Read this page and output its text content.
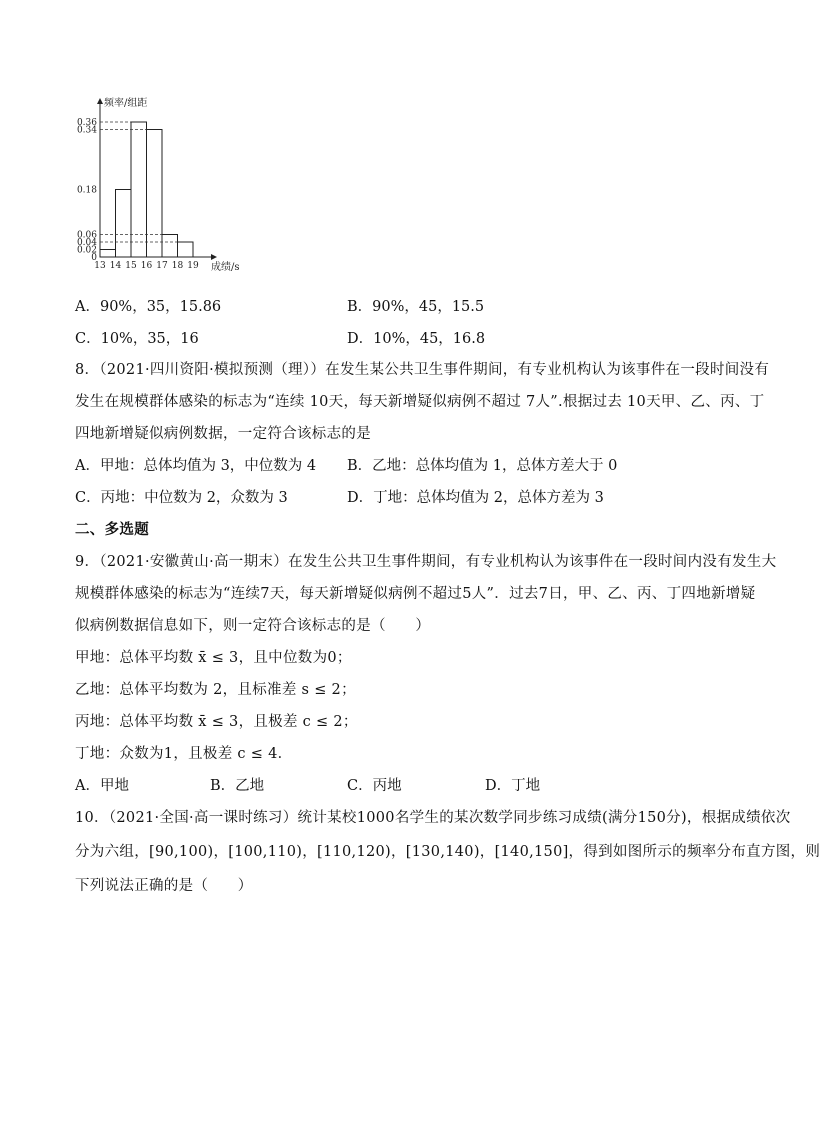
0.36
0.34
0.18
0.06
0.04
0.02
0
13 14 15 16 17 18 19
频率/组距
成绩/s
A．90%，35，15.86	B．90%，45，15.5
C．10%，35，16	D．10%，45，16.8
8．（2021·四川资阳·模拟预测（理））在发生某公共卫生事件期间，有专业机构认为该事件在一段时间没有
发生在规模群体感染的标志为“连续 10天，每天新增疑似病例不超过 7人”.根据过去 10天甲、乙、丙、丁
四地新增疑似病例数据，一定符合该标志的是
A．甲地：总体均值为 3，中位数为 4 B．乙地：总体均值为 1，总体方差大于 0
C．丙地：中位数为 2，众数为 3	D．丁地：总体均值为 2，总体方差为 3
二、多选题
9．（2021·安徽黄山·高一期末）在发生公共卫生事件期间，有专业机构认为该事件在一段时间内没有发生大
规模群体感染的标志为“连续7天，每天新增疑似病例不超过5人”．过去7日，甲、乙、丙、丁四地新增疑
似病例数据信息如下，则一定符合该标志的是（　　）
甲地：总体平均数 x̄ ≤ 3，且中位数为0；
乙地：总体平均数为 2，且标准差 s ≤ 2；
丙地：总体平均数 x̄ ≤ 3，且极差 c ≤ 2；
丁地：众数为1，且极差 c ≤ 4．
A．甲地	B．乙地	C．丙地	D．丁地
10．（2021·全国·高一课时练习）统计某校1000名学生的某次数学同步练习成绩(满分150分)，根据成绩依次
分为六组，[90,100)，[100,110)，[110,120)，[130,140)，[140,150]，得到如图所示的频率分布直方图，则
下列说法正确的是（　　）
